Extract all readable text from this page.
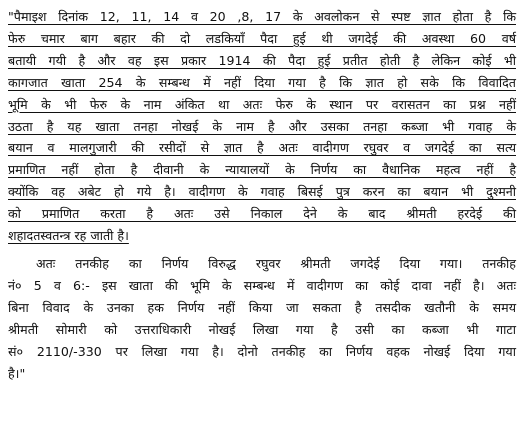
"पैमाइश दिनांक 12, 11, 14 व 20 ,8, 17 के अवलोकन से स्पष्ट ज्ञात होता है कि
फेरु चमार बाग बहार की दो लडकियाँ पैदा हुई थी जगदेई की अवस्था 60 वर्ष
बतायी गयी है और वह इस प्रकार 1914 की पैदा हुई प्रतीत होती है लेकिन कोई भी
कागजात खाता 254 के सम्बन्ध में नहीं दिया गया है कि ज्ञात हो सके कि विवादित
भूमि के भी फेरु के नाम अंकित था अतः फेरु के स्थान पर वरासतन का प्रश्न नहीं
उठता है यह खाता तनहा नोखई के नाम है और उसका तनहा कब्जा भी गवाह के
बयान व मालगुजारी की रसीदों से ज्ञात है अतः वादीगण रघुवर व जगदेई का सत्य
प्रमाणित नहीं होता है दीवानी के न्यायालयों के निर्णय का वैधानिक महत्व नहीं है
क्योंकि वह अबेट हो गये है। वादीगण के गवाह बिसई पुत्र करन का बयान भी दुश्मनी
को प्रमाणित करता है अतः उसे निकाल देने के बाद श्रीमती हरदेई की
शहादतस्वतन्त्र रह जाती है।
अतः तनकीह का निर्णय विरुद्ध रघुवर श्रीमती जगदेई दिया गया। तनकीह
नं० 5 व 6:- इस खाता की भूमि के सम्बन्ध में वादीगण का कोई दावा नहीं है। अतः
बिना विवाद के उनका हक निर्णय नहीं किया जा सकता है तसदीक खतौनी के समय
श्रीमती सोमारी को उत्तराधिकारी नोखई लिखा गया है उसी का कब्जा भी गाटा
सं० 2110/-330 पर लिखा गया है। दोनो तनकीह का निर्णय वहक नोखई दिया गया
है।"
